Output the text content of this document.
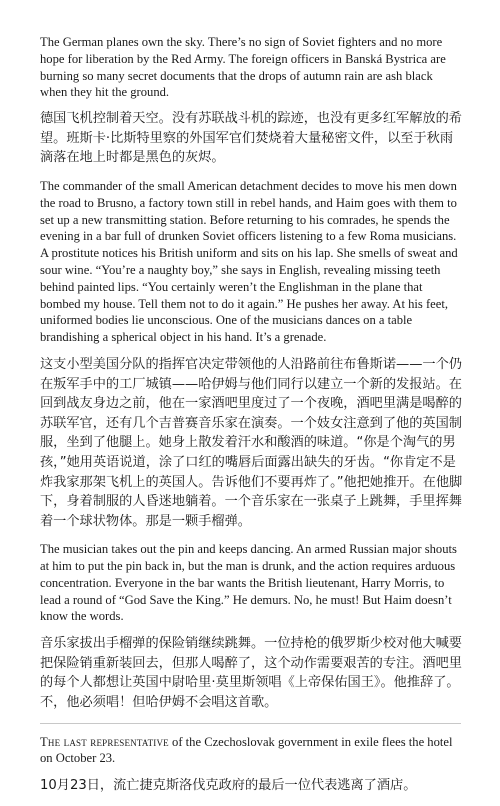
The German planes own the sky. There’s no sign of Soviet fighters and no more hope for liberation by the Red Army. The foreign officers in Banská Bystrica are burning so many secret documents that the drops of autumn rain are ash black when they hit the ground.

德国飞机控制着天空。没有苏联战斗机的踪迹，也没有更多红军解放的希望。班斯卡·比斯特里察的外国军官们焚烧着大量秘密文件，以至于秋雨滴落在地上时都是黑色的灰烬。

The commander of the small American detachment decides to move his men down the road to Brusno, a factory town still in rebel hands, and Haim goes with them to set up a new transmitting station. Before returning to his comrades, he spends the evening in a bar full of drunken Soviet officers listening to a few Roma musicians. A prostitute notices his British uniform and sits on his lap. She smells of sweat and sour wine. “You’re a naughty boy,” she says in English, revealing missing teeth behind painted lips. “You certainly weren’t the Englishman in the plane that bombed my house. Tell them not to do it again.” He pushes her away. At his feet, uniformed bodies lie unconscious. One of the musicians dances on a table brandishing a spherical object in his hand. It’s a grenade.

这支小型美国分队的指挥官决定带领他的人沿路前往布鲁斯诺——一个仍在叛军手中的工厂城镇——哈伊姆与他们同行以建立一个新的发报站。在回到战友身边之前，他在一家酒吧里度过了一个夜晚，酒吧里满是喝醉的苏联军官，还有几个吉普赛音乐家在演奏。一个妓女注意到了他的英国制服，坐到了他腿上。她身上散发着汗水和酸酒的味道。“你是个淘气的男孩，”她用英语说道，涂了口红的嘴唇后面露出缺失的牙齿。“你肯定不是炸我家那架飞机上的英国人。告诉他们不要再炸了。”他把她推开。在他脚下，身着制服的人昏迷地躺着。一个音乐家在一张桌子上跳舞，手里挥舞着一个球状物体。那是一颗手榴弹。

The musician takes out the pin and keeps dancing. An armed Russian major shouts at him to put the pin back in, but the man is drunk, and the action requires arduous concentration. Everyone in the bar wants the British lieutenant, Harry Morris, to lead a round of “God Save the King.” He demurs. No, he must! But Haim doesn’t know the words.

音乐家拔出手榴弹的保险销继续跳舞。一位持枪的俄罗斯少校对他大喊要把保险销重新装回去，但那人喝醉了，这个动作需要艰苦的专注。酒吧里的每个人都想让英国中尉哈里·莫里斯领唱《上帝保佑国王》。他推辞了。不，他必须唱！但哈伊姆不会唱这首歌。

The last representative of the Czechoslovak government in exile flees the hotel on October 23.

10月23日，流亡捷克斯洛伐克政府的最后一位代表逃离了酒店。
